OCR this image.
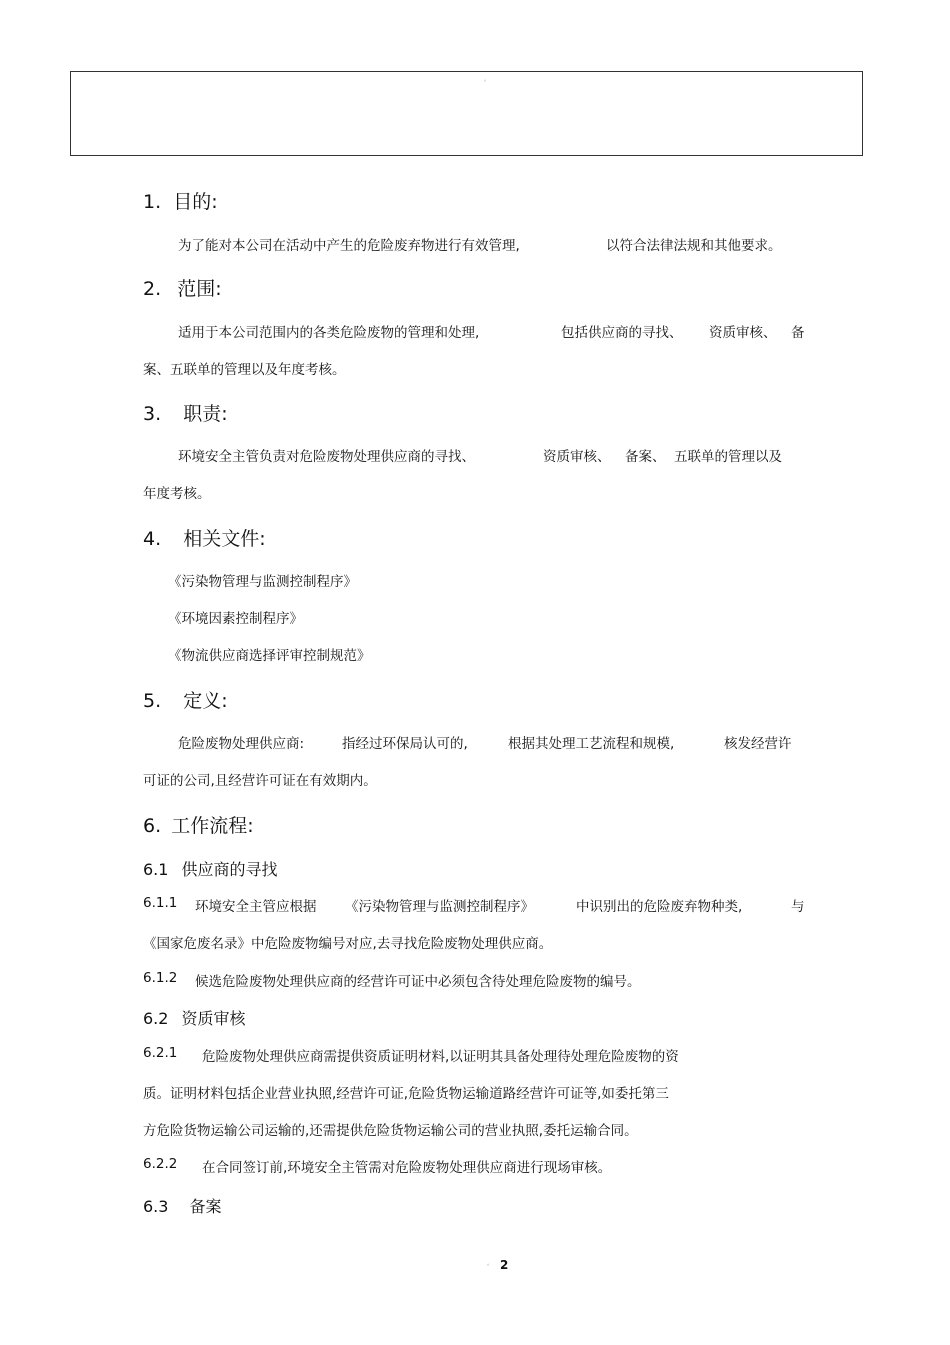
。
1. 目的:
为了能对本公司在活动中产生的危险废弃物进行有效管理,	以符合法律法规和其他要求。
2. 范围:
适用于本公司范围内的各类危险废物的管理和处理,	包括供应商的寻找、 资质审核、 备
案、五联单的管理以及年度考核。
3. 职责:
环境安全主管负责对危险废物处理供应商的寻找、	资质审核、 备案、 五联单的管理以及
年度考核。
4. 相关文件:
《污染物管理与监测控制程序》
《环境因素控制程序》
《物流供应商选择评审控制规范》
5. 定义:
危险废物处理供应商:	指经过环保局认可的,	根据其处理工艺流程和规模,	核发经营许
可证的公司,且经营许可证在有效期内。
6. 工作流程:
6.1 供应商的寻找
6.1.1 环境安全主管应根据 《污染物管理与监测控制程序》	中识别出的危险废弃物种类,	与
《国家危废名录》中危险废物编号对应,去寻找危险废物处理供应商。
6.1.2 候选危险废物处理供应商的经营许可证中必须包含待处理危险废物的编号。
6.2 资质审核
6.2.1 危险废物处理供应商需提供资质证明材料,以证明其具备处理待处理危险废物的资
质。证明材料包括企业营业执照,经营许可证,危险货物运输道路经营许可证等,如委托第三
方危险货物运输公司运输的,还需提供危险货物运输公司的营业执照,委托运输合同。
6.2.2 在合同签订前,环境安全主管需对危险废物处理供应商进行现场审核。
6.3 备案
。 2
